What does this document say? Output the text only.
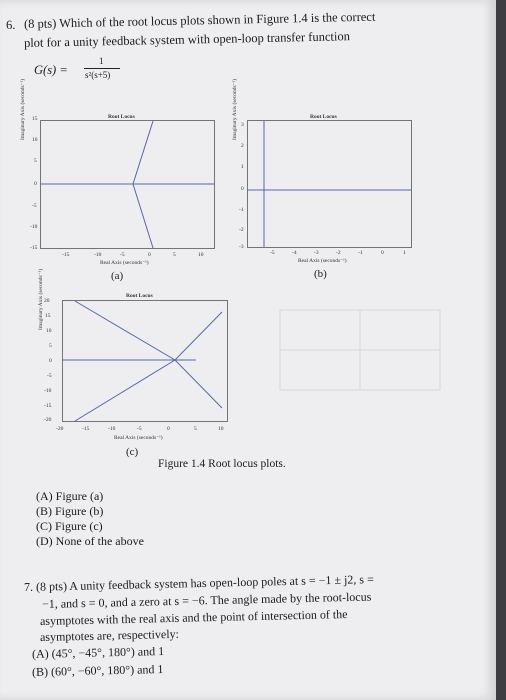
6. (8 pts) Which of the root locus plots shown in Figure 1.4 is the correct
plot for a unity feedback system with open-loop transfer function
G(s) =
1
s²(s+5)
Root Locus
Imaginary Axis (seconds⁻¹) 15
10
5
0
-5
-10
-15
-15	-10	-5	0	5	10
Real Axis (seconds⁻¹)
(a)
Root Locus
Imaginary Axis (seconds⁻¹) 3
2
1
0
-1
-2
-3
-5	-4	-3	-2	-1	0	1
Real Axis (seconds⁻¹)
(b)
Root Locus
Imaginary Axis (seconds⁻¹) 20
15
10
5
0
-5
-10
-15
-20
-20	-15	-10	-5	0	5	10
Real Axis (seconds⁻¹)
(c)
Figure 1.4 Root locus plots.
(A) Figure (a)
(B) Figure (b)
(C) Figure (c)
(D) None of the above
7. (8 pts) A unity feedback system has open-loop poles at s = −1 ± j2, s =
−1, and s = 0, and a zero at s = −6. The angle made by the root-locus
asymptotes with the real axis and the point of intersection of the
asymptotes are, respectively:
(A) (45°, −45°, 180°) and 1
(B) (60°, −60°, 180°) and 1
